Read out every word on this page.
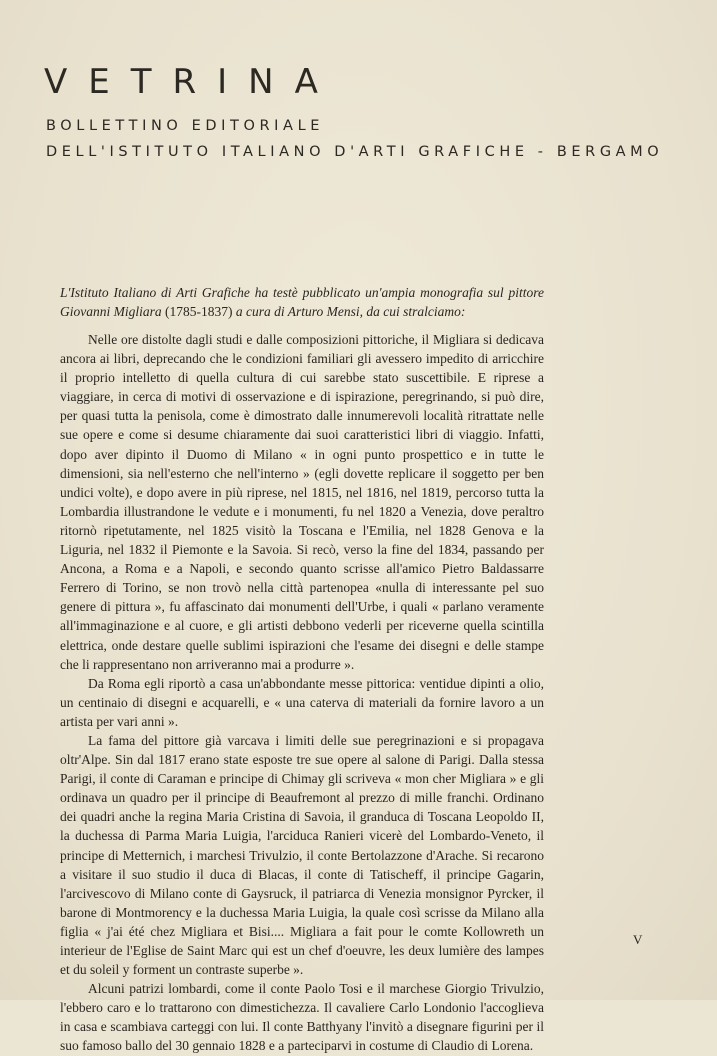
VETRINA
BOLLETTINO EDITORIALE
DELL'ISTITUTO ITALIANO D'ARTI GRAFICHE - BERGAMO

L'Istituto Italiano di Arti Grafiche ha testè pubblicato un'ampia monografia sul pittore Giovanni Migliara (1785-1837) a cura di Arturo Mensi, da cui stralciamo:

Nelle ore distolte dagli studi e dalle composizioni pittoriche, il Migliara si dedicava ancora ai libri, deprecando che le condizioni familiari gli avessero impedito di arricchire il proprio intelletto di quella cultura di cui sarebbe stato suscettibile. E riprese a viaggiare, in cerca di motivi di osservazione e di ispirazione, peregrinando, si può dire, per quasi tutta la penisola, come è dimostrato dalle innumerevoli località ritrattate nelle sue opere e come si desume chiaramente dai suoi caratteristici libri di viaggio. Infatti, dopo aver dipinto il Duomo di Milano « in ogni punto prospettico e in tutte le dimensioni, sia nell'esterno che nell'interno » (egli dovette replicare il soggetto per ben undici volte), e dopo avere in più riprese, nel 1815, nel 1816, nel 1819, percorso tutta la Lombardia illustrandone le vedute e i monumenti, fu nel 1820 a Venezia, dove peraltro ritornò ripetutamente, nel 1825 visitò la Toscana e l'Emilia, nel 1828 Genova e la Liguria, nel 1832 il Piemonte e la Savoia. Si recò, verso la fine del 1834, passando per Ancona, a Roma e a Napoli, e secondo quanto scrisse all'amico Pietro Baldassarre Ferrero di Torino, se non trovò nella città partenopea «nulla di interessante pel suo genere di pittura », fu affascinato dai monumenti dell'Urbe, i quali « parlano veramente all'immaginazione e al cuore, e gli artisti debbono vederli per riceverne quella scintilla elettrica, onde destare quelle sublimi ispirazioni che l'esame dei disegni e delle stampe che li rappresentano non arriveranno mai a produrre ».

Da Roma egli riportò a casa un'abbondante messe pittorica: ventidue dipinti a olio, un centinaio di disegni e acquarelli, e « una caterva di materiali da fornire lavoro a un artista per vari anni ».

La fama del pittore già varcava i limiti delle sue peregrinazioni e si propagava oltr'Alpe. Sin dal 1817 erano state esposte tre sue opere al salone di Parigi. Dalla stessa Parigi, il conte di Caraman e principe di Chimay gli scriveva « mon cher Migliara » e gli ordinava un quadro per il principe di Beaufremont al prezzo di mille franchi. Ordinano dei quadri anche la regina Maria Cristina di Savoia, il granduca di Toscana Leopoldo II, la duchessa di Parma Maria Luigia, l'arciduca Ranieri vicerè del Lombardo-Veneto, il principe di Metternich, i marchesi Trivulzio, il conte Bertolazzone d'Arache. Si recarono a visitare il suo studio il duca di Blacas, il conte di Tatischeff, il principe Gagarin, l'arcivescovo di Milano conte di Gaysruck, il patriarca di Venezia monsignor Pyrcker, il barone di Montmorency e la duchessa Maria Luigia, la quale così scrisse da Milano alla figlia « j'ai été chez Migliara et Bisi.... Migliara a fait pour le comte Kollowreth un interieur de l'Eglise de Saint Marc qui est un chef d'oeuvre, les deux lumière des lampes et du soleil y forment un contraste superbe ».

Alcuni patrizi lombardi, come il conte Paolo Tosi e il marchese Giorgio Trivulzio, l'ebbero caro e lo trattarono con dimestichezza. Il cavaliere Carlo Londonio l'accoglieva in casa e scambiava carteggi con lui. Il conte Batthyany l'invitò a disegnare figurini per il suo famoso ballo del 30 gennaio 1828 e a parteciparvi in costume di Claudio di Lorena.

V
